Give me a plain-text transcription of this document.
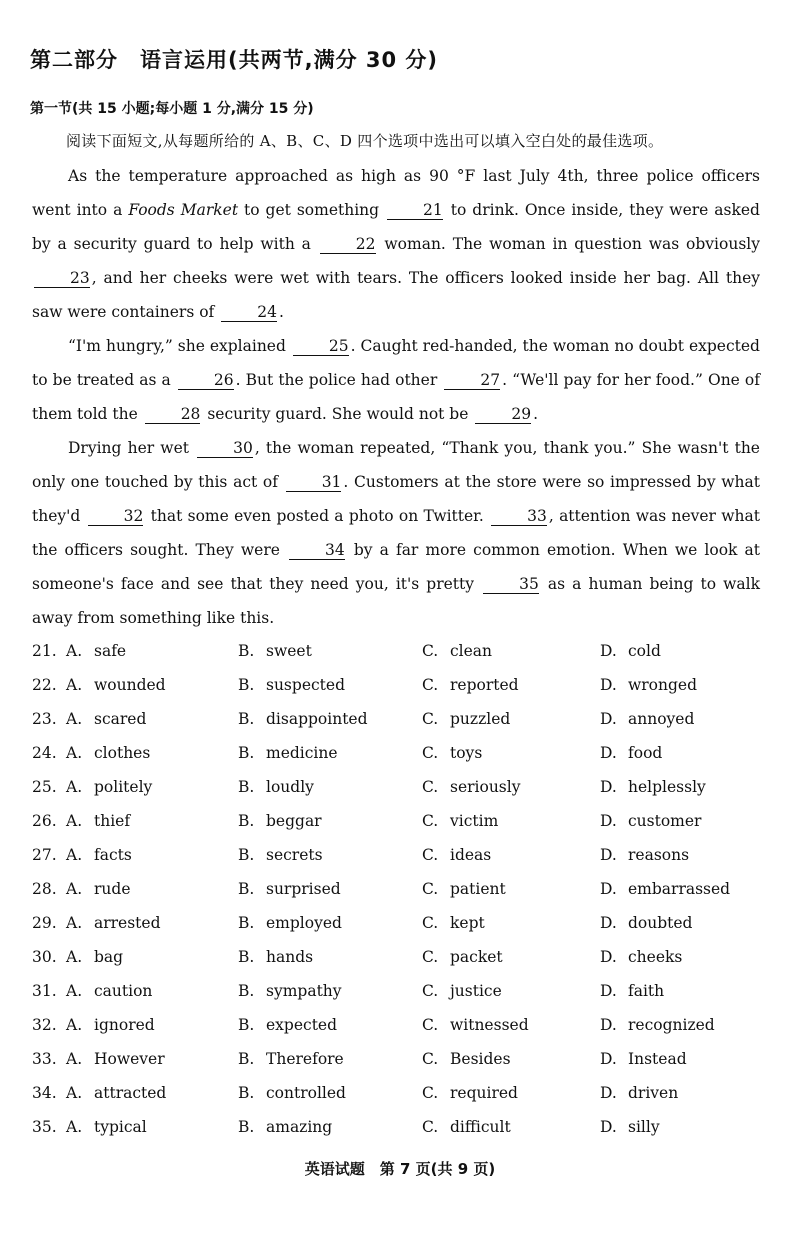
第二部分　语言运用(共两节,满分 30 分)
第一节(共 15 小题;每小题 1 分,满分 15 分)
阅读下面短文,从每题所给的 A、B、C、D 四个选项中选出可以填入空白处的最佳选项。

As the temperature approached as high as 90 °F last July 4th, three police officers went into a Foods Market to get something 21 to drink. Once inside, they were asked by a security guard to help with a 22 woman. The woman in question was obviously 23 , and her cheeks were wet with tears. The officers looked inside her bag. All they saw were containers of 24 .

“I'm hungry,” she explained 25 . Caught red-handed, the woman no doubt expected to be treated as a 26 . But the police had other 27 . “We'll pay for her food.” One of them told the 28 security guard. She would not be 29 .

Drying her wet 30 , the woman repeated, “Thank you, thank you.” She wasn't the only one touched by this act of 31 . Customers at the store were so impressed by what they'd 32 that some even posted a photo on Twitter. 33 , attention was never what the officers sought. They were 34 by a far more common emotion. When we look at someone's face and see that they need you, it's pretty 35 as a human being to walk away from something like this.

21. A. safe	B. sweet	C. clean	D. cold
22. A. wounded	B. suspected	C. reported	D. wronged
23. A. scared	B. disappointed	C. puzzled	D. annoyed
24. A. clothes	B. medicine	C. toys	D. food
25. A. politely	B. loudly	C. seriously	D. helplessly
26. A. thief	B. beggar	C. victim	D. customer
27. A. facts	B. secrets	C. ideas	D. reasons
28. A. rude	B. surprised	C. patient	D. embarrassed
29. A. arrested	B. employed	C. kept	D. doubted
30. A. bag	B. hands	C. packet	D. cheeks
31. A. caution	B. sympathy	C. justice	D. faith
32. A. ignored	B. expected	C. witnessed	D. recognized
33. A. However	B. Therefore	C. Besides	D. Instead
34. A. attracted	B. controlled	C. required	D. driven
35. A. typical	B. amazing	C. difficult	D. silly
英语试题　第 7 页(共 9 页)
